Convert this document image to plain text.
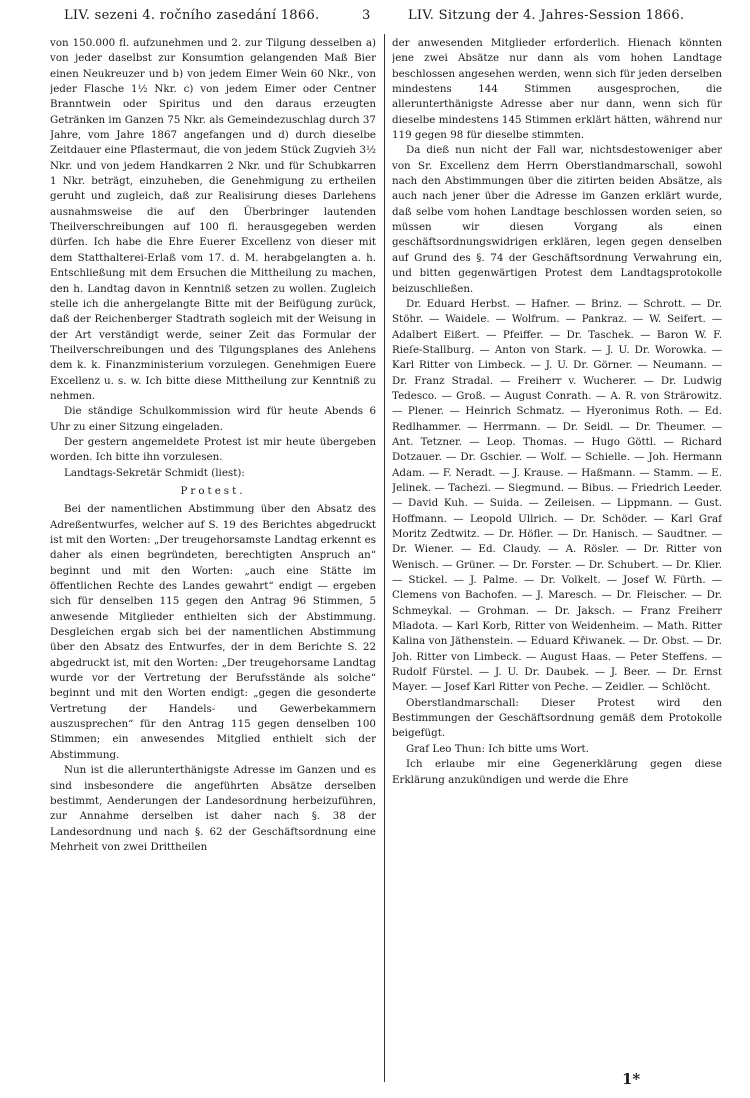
LIV. sezeni 4. ročního zasedání 1866.	3	LIV. Sitzung der 4. Jahres-Session 1866.

von 150.000 fl. aufzunehmen und 2. zur Tilgung desselben a) von jeder daselbst zur Konsumtion gelangenden Maß Bier einen Neukreuzer und b) von jedem Eimer Wein 60 Nkr., von jeder Flasche 1½ Nkr. c) von jedem Eimer oder Centner Branntwein oder Spiritus und den daraus erzeugten Getränken im Ganzen 75 Nkr. als Gemeindezuschlag durch 37 Jahre, vom Jahre 1867 angefangen und d) durch dieselbe Zeitdauer eine Pflastermaut, die von jedem Stück Zugvieh 3½ Nkr. und von jedem Handkarren 2 Nkr. und für Schubkarren 1 Nkr. beträgt, einzuheben, die Genehmigung zu ertheilen geruht und zugleich, daß zur Realisirung dieses Darlehens ausnahmsweise die auf den Überbringer lautenden Theilverschreibungen auf 100 fl. herausgegeben werden dürfen. Ich habe die Ehre Euerer Excellenz von dieser mit dem Statthalterei-Erlaß vom 17. d. M. herabgelangten a. h. Entschließung mit dem Ersuchen die Mittheilung zu machen, den h. Landtag davon in Kenntniß setzen zu wollen. Zugleich stelle ich die anhergelangte Bitte mit der Beifügung zurück, daß der Reichenberger Stadtrath sogleich mit der Weisung in der Art verständigt werde, seiner Zeit das Formular der Theilverschreibungen und des Tilgungsplanes des Anlehens dem k. k. Finanzministerium vorzulegen. Genehmigen Euere Excellenz u. s. w. Ich bitte diese Mittheilung zur Kenntniß zu nehmen.

Die ständige Schulkommission wird für heute Abends 6 Uhr zu einer Sitzung eingeladen.

Der gestern angemeldete Protest ist mir heute übergeben worden. Ich bitte ihn vorzulesen.

Landtags-Sekretär Schmidt (liest):

Protest.

Bei der namentlichen Abstimmung über den Absatz des Adreßentwurfes, welcher auf S. 19 des Berichtes abgedruckt ist mit den Worten: „Der treugehorsamste Landtag erkennt es daher als einen begründeten, berechtigten Anspruch an“ beginnt und mit den Worten: „auch eine Stätte im öffentlichen Rechte des Landes gewahrt“ endigt — ergeben sich für denselben 115 gegen den Antrag 96 Stimmen, 5 anwesende Mitglieder enthielten sich der Abstimmung. Desgleichen ergab sich bei der namentlichen Abstimmung über den Absatz des Entwurfes, der in dem Berichte S. 22 abgedruckt ist, mit den Worten: „Der treugehorsame Landtag wurde vor der Vertretung der Berufsstände als solche“ beginnt und mit den Worten endigt: „gegen die gesonderte Vertretung der Handels- und Gewerbekammern auszusprechen“ für den Antrag 115 gegen denselben 100 Stimmen; ein anwesendes Mitglied enthielt sich der Abstimmung.

Nun ist die allerunterthänigste Adresse im Ganzen und es sind insbesondere die angeführten Absätze derselben bestimmt, Aenderungen der Landesordnung herbeizuführen, zur Annahme derselben ist daher nach §. 38 der Landesordnung und nach §. 62 der Geschäftsordnung eine Mehrheit von zwei Drittheilen

der anwesenden Mitglieder erforderlich. Hienach könnten jene zwei Absätze nur dann als vom hohen Landtage beschlossen angesehen werden, wenn sich für jeden derselben mindestens 144 Stimmen ausgesprochen, die allerunterthänigste Adresse aber nur dann, wenn sich für dieselbe mindestens 145 Stimmen erklärt hätten, während nur 119 gegen 98 für dieselbe stimmten.

Da dieß nun nicht der Fall war, nichtsdestoweniger aber von Sr. Excellenz dem Herrn Oberstlandmarschall, sowohl nach den Abstimmungen über die zitirten beiden Absätze, als auch nach jener über die Adresse im Ganzen erklärt wurde, daß selbe vom hohen Landtage beschlossen worden seien, so müssen wir diesen Vorgang als einen geschäftsordnungswidrigen erklären, legen gegen denselben auf Grund des §. 74 der Geschäftsordnung Verwahrung ein, und bitten gegenwärtigen Protest dem Landtagsprotokolle beizuschließen.

Dr. Eduard Herbst. — Hafner. — Brinz. — Schrott. — Dr. Stöhr. — Waidele. — Wolfrum. — Pankraz. — W. Seifert. — Adalbert Eißert. — Pfeiffer. — Dr. Taschek. — Baron W. F. Rieſe-Stallburg. — Anton von Stark. — J. U. Dr. Worowka. — Karl Ritter von Limbeck. — J. U. Dr. Görner. — Neumann. — Dr. Franz Stradal. — Freiherr v. Wucherer. — Dr. Ludwig Tedesco. — Groß. — August Conrath. — A. R. von Strärowitz. — Plener. — Heinrich Schmatz. — Hyeronimus Roth. — Ed. Redlhammer. — Herrmann. — Dr. Seidl. — Dr. Theumer. — Ant. Tetzner. — Leop. Thomas. — Hugo Göttl. — Richard Dotzauer. — Dr. Gschier. — Wolf. — Schielle. — Joh. Hermann Adam. — F. Neradt. — J. Krause. — Haßmann. — Stamm. — E. Jelinek. — Tachezi. — Siegmund. — Bibus. — Friedrich Leeder. — David Kuh. — Suida. — Zeileisen. — Lippmann. — Gust. Hoffmann. — Leopold Ullrich. — Dr. Schöder. — Karl Graf Moritz Zedtwitz. — Dr. Höfler. — Dr. Hanisch. — Saudtner. — Dr. Wiener. — Ed. Claudy. — A. Rösler. — Dr. Ritter von Wenisch. — Grüner. — Dr. Forster. — Dr. Schubert. — Dr. Klier. — Stickel. — J. Palme. — Dr. Volkelt. — Josef W. Fürth. — Clemens von Bachofen. — J. Maresch. — Dr. Fleischer. — Dr. Schmeykal. — Grohman. — Dr. Jaksch. — Franz Freiherr Mladota. — Karl Korb, Ritter von Weidenheim. — Math. Ritter Kalina von Jäthenstein. — Eduard Křiwanek. — Dr. Obst. — Dr. Joh. Ritter von Limbeck. — August Haas. — Peter Steffens. — Rudolf Fürstel. — J. U. Dr. Daubek. — J. Beer. — Dr. Ernst Mayer. — Josef Karl Ritter von Peche. — Zeidler. — Schlöcht.

Oberstlandmarschall: Dieser Protest wird den Bestimmungen der Geschäftsordnung gemäß dem Protokolle beigefügt.

Graf Leo Thun: Ich bitte ums Wort.

Ich erlaube mir eine Gegenerklärung gegen diese Erklärung anzukündigen und werde die Ehre

1*
